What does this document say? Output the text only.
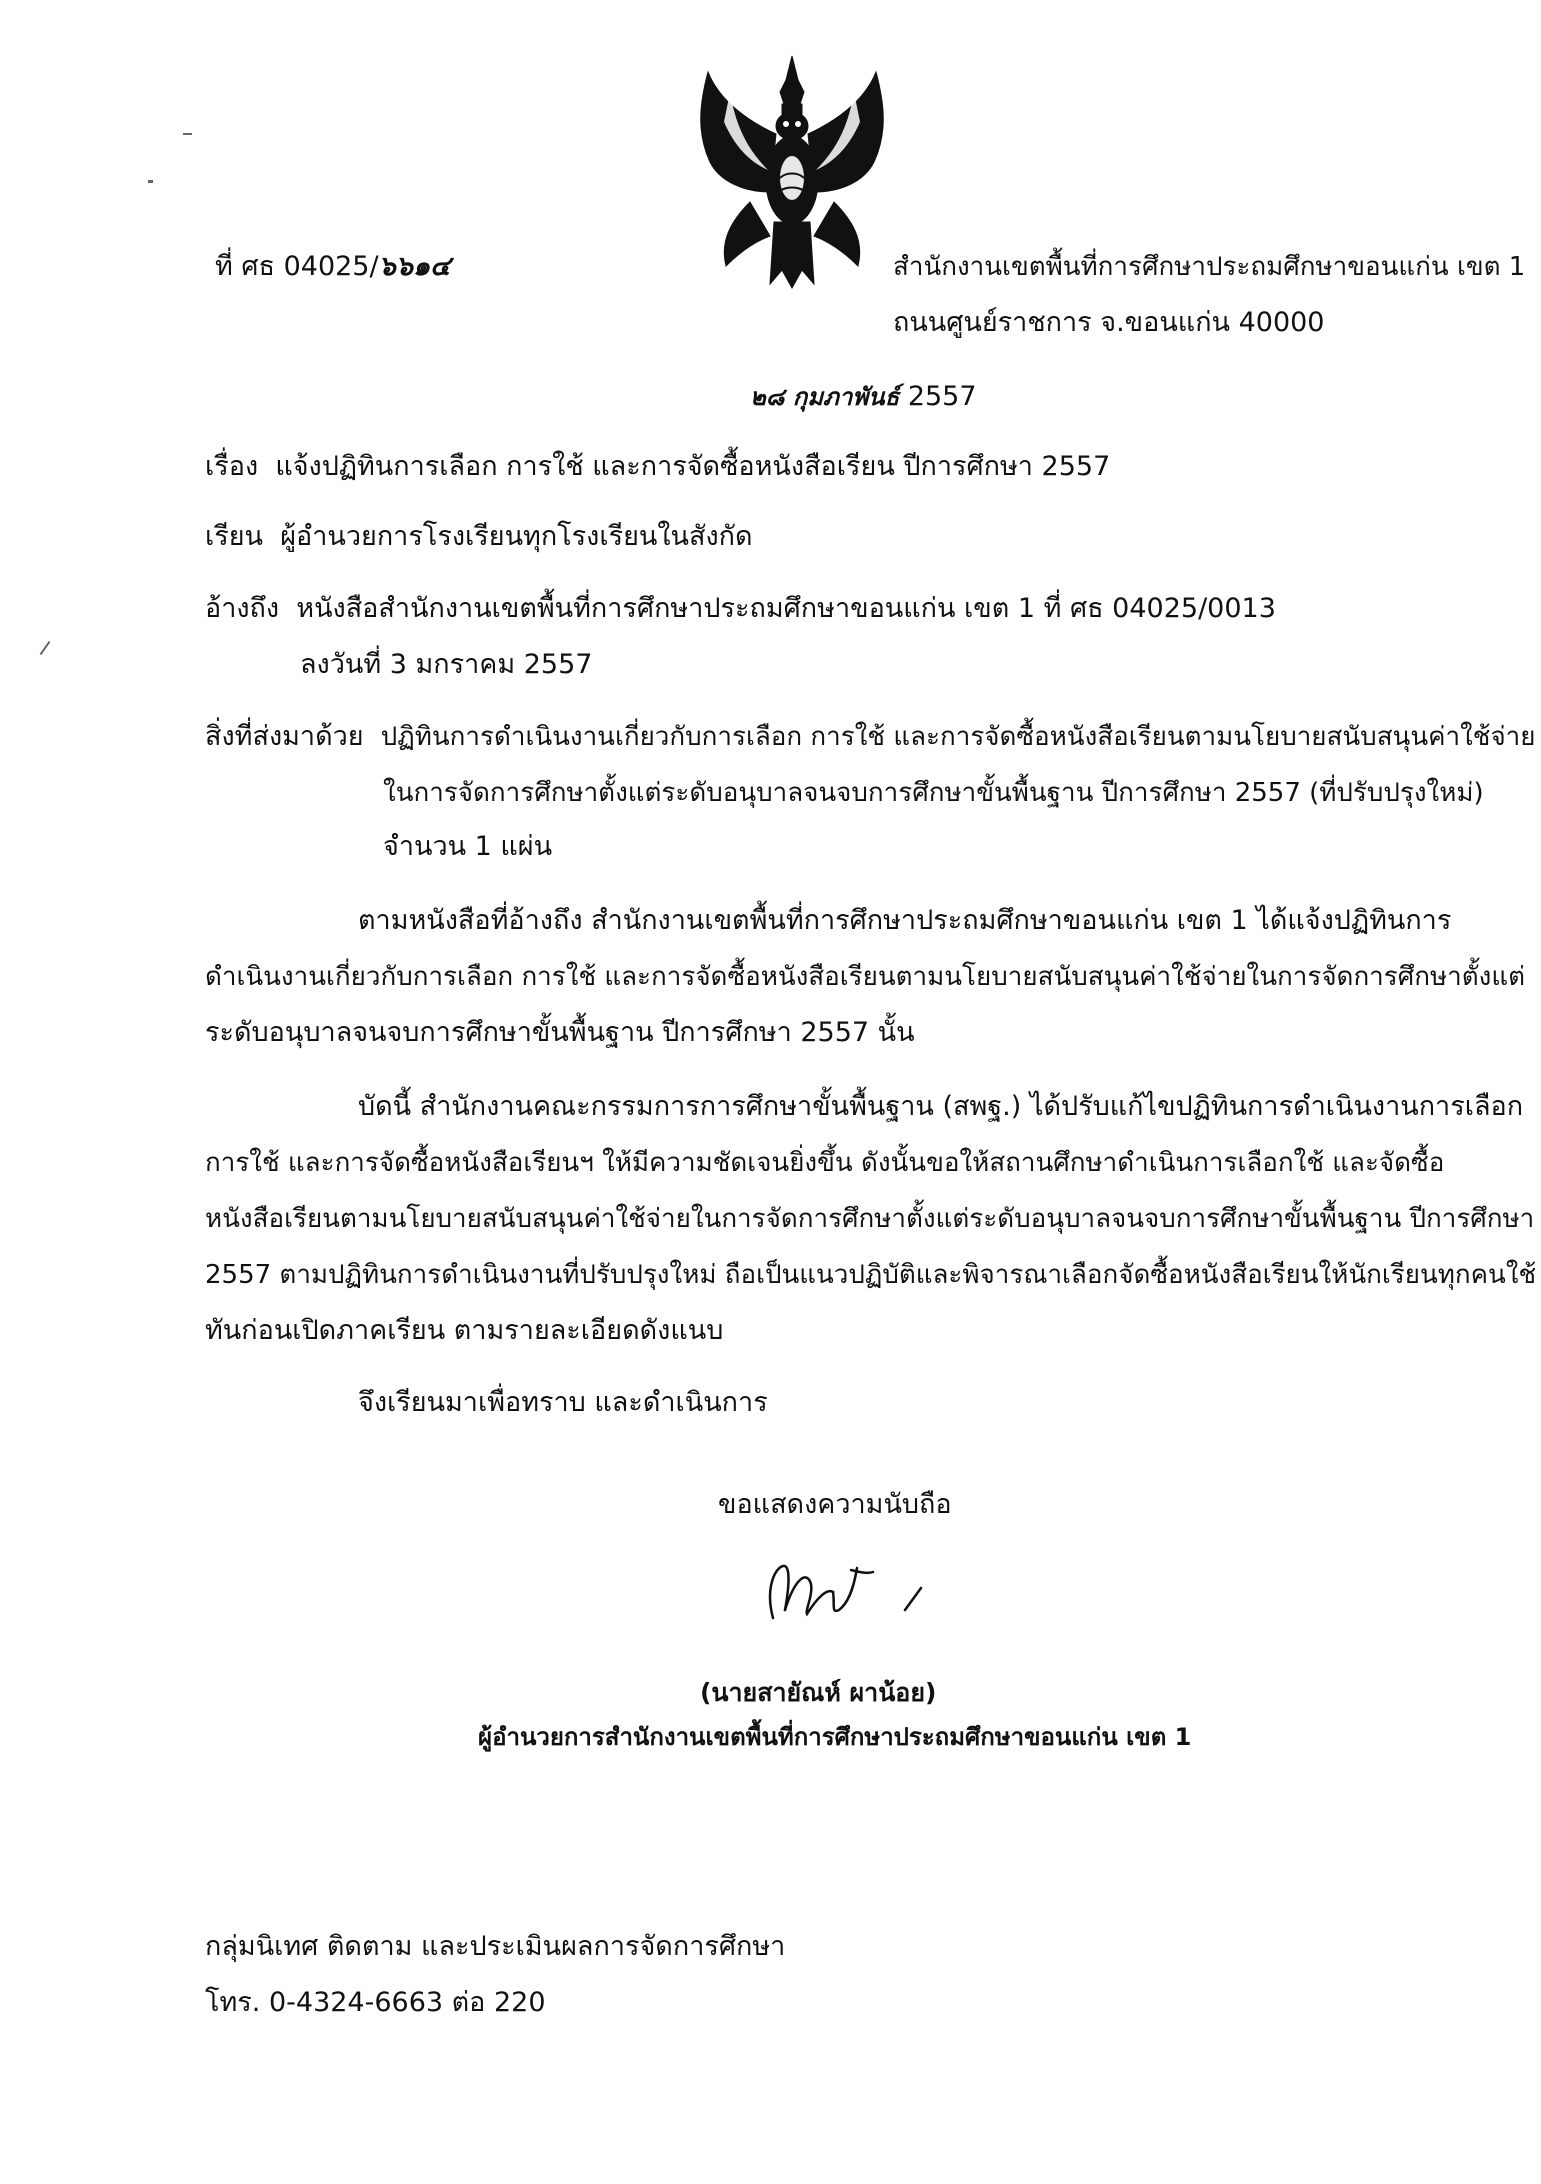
ที่ ศธ 04025/๖๖๑๔	สำนักงานเขตพื้นที่การศึกษาประถมศึกษาขอนแก่น เขต 1
ถนนศูนย์ราชการ จ.ขอนแก่น 40000
๒๘ กุมภาพันธ์ 2557
เรื่อง แจ้งปฏิทินการเลือก การใช้ และการจัดซื้อหนังสือเรียน ปีการศึกษา 2557
เรียน ผู้อำนวยการโรงเรียนทุกโรงเรียนในสังกัด
อ้างถึง หนังสือสำนักงานเขตพื้นที่การศึกษาประถมศึกษาขอนแก่น เขต 1 ที่ ศธ 04025/0013
ลงวันที่ 3 มกราคม 2557
สิ่งที่ส่งมาด้วย ปฏิทินการดำเนินงานเกี่ยวกับการเลือก การใช้ และการจัดซื้อหนังสือเรียนตามนโยบายสนับสนุนค่าใช้จ่าย
ในการจัดการศึกษาตั้งแต่ระดับอนุบาลจนจบการศึกษาขั้นพื้นฐาน ปีการศึกษา 2557 (ที่ปรับปรุงใหม่)
จำนวน 1 แผ่น
ตามหนังสือที่อ้างถึง สำนักงานเขตพื้นที่การศึกษาประถมศึกษาขอนแก่น เขต 1 ได้แจ้งปฏิทินการ
ดำเนินงานเกี่ยวกับการเลือก การใช้ และการจัดซื้อหนังสือเรียนตามนโยบายสนับสนุนค่าใช้จ่ายในการจัดการศึกษาตั้งแต่
ระดับอนุบาลจนจบการศึกษาขั้นพื้นฐาน ปีการศึกษา 2557 นั้น
บัดนี้ สำนักงานคณะกรรมการการศึกษาขั้นพื้นฐาน (สพฐ.) ได้ปรับแก้ไขปฏิทินการดำเนินงานการเลือก
การใช้ และการจัดซื้อหนังสือเรียนฯ ให้มีความชัดเจนยิ่งขึ้น ดังนั้นขอให้สถานศึกษาดำเนินการเลือกใช้ และจัดซื้อ
หนังสือเรียนตามนโยบายสนับสนุนค่าใช้จ่ายในการจัดการศึกษาตั้งแต่ระดับอนุบาลจนจบการศึกษาขั้นพื้นฐาน ปีการศึกษา
2557 ตามปฏิทินการดำเนินงานที่ปรับปรุงใหม่ ถือเป็นแนวปฏิบัติและพิจารณาเลือกจัดซื้อหนังสือเรียนให้นักเรียนทุกคนใช้
ทันก่อนเปิดภาคเรียน ตามรายละเอียดดังแนบ
จึงเรียนมาเพื่อทราบ และดำเนินการ
ขอแสดงความนับถือ
(นายสายัณห์ ผาน้อย)
ผู้อำนวยการสำนักงานเขตพื้นที่การศึกษาประถมศึกษาขอนแก่น เขต 1
กลุ่มนิเทศ ติดตาม และประเมินผลการจัดการศึกษา
โทร. 0-4324-6663 ต่อ 220
